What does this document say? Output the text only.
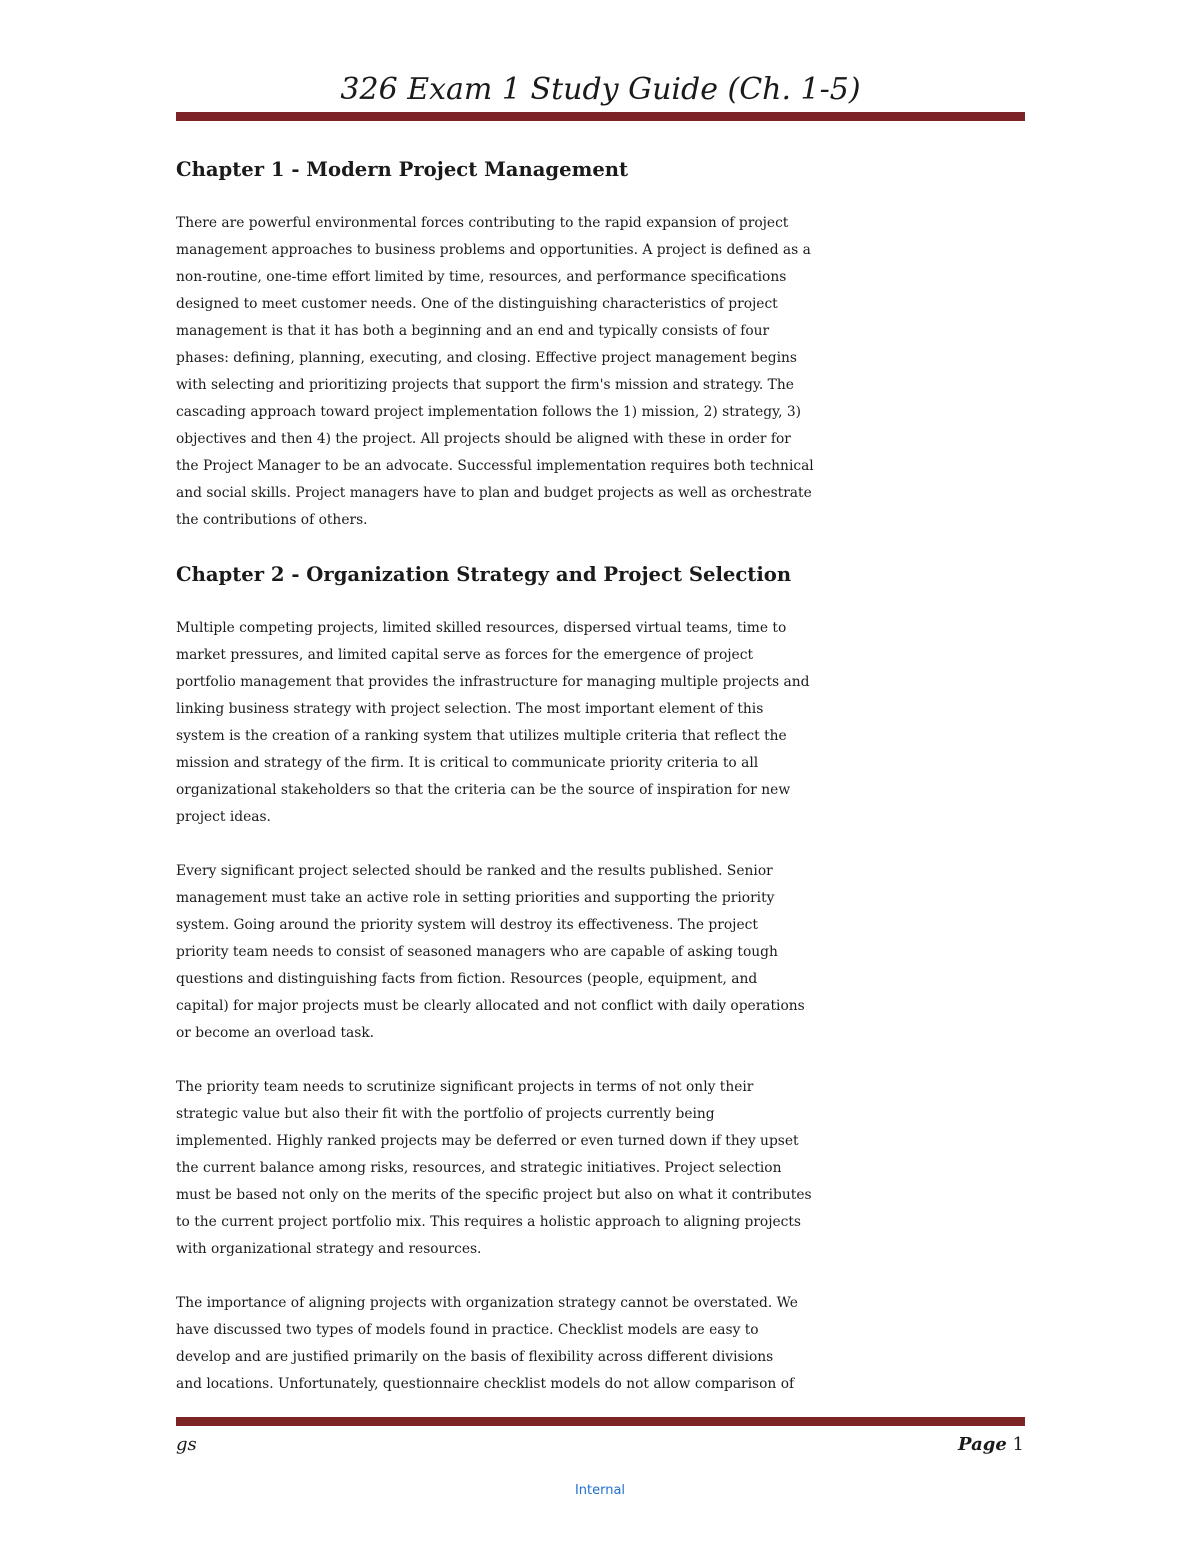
326 Exam 1 Study Guide (Ch. 1-5)
Chapter 1 - Modern Project Management

There are powerful environmental forces contributing to the rapid expansion of project
management approaches to business problems and opportunities. A project is defined as a
non-routine, one-time effort limited by time, resources, and performance specifications
designed to meet customer needs. One of the distinguishing characteristics of project
management is that it has both a beginning and an end and typically consists of four
phases: defining, planning, executing, and closing. Effective project management begins
with selecting and prioritizing projects that support the firm's mission and strategy. The
cascading approach toward project implementation follows the 1) mission, 2) strategy, 3)
objectives and then 4) the project. All projects should be aligned with these in order for
the Project Manager to be an advocate. Successful implementation requires both technical
and social skills. Project managers have to plan and budget projects as well as orchestrate
the contributions of others.

Chapter 2 - Organization Strategy and Project Selection

Multiple competing projects, limited skilled resources, dispersed virtual teams, time to
market pressures, and limited capital serve as forces for the emergence of project
portfolio management that provides the infrastructure for managing multiple projects and
linking business strategy with project selection. The most important element of this
system is the creation of a ranking system that utilizes multiple criteria that reflect the
mission and strategy of the firm. It is critical to communicate priority criteria to all
organizational stakeholders so that the criteria can be the source of inspiration for new
project ideas.

Every significant project selected should be ranked and the results published. Senior
management must take an active role in setting priorities and supporting the priority
system. Going around the priority system will destroy its effectiveness. The project
priority team needs to consist of seasoned managers who are capable of asking tough
questions and distinguishing facts from fiction. Resources (people, equipment, and
capital) for major projects must be clearly allocated and not conflict with daily operations
or become an overload task.

The priority team needs to scrutinize significant projects in terms of not only their
strategic value but also their fit with the portfolio of projects currently being
implemented. Highly ranked projects may be deferred or even turned down if they upset
the current balance among risks, resources, and strategic initiatives. Project selection
must be based not only on the merits of the specific project but also on what it contributes
to the current project portfolio mix. This requires a holistic approach to aligning projects
with organizational strategy and resources.

The importance of aligning projects with organization strategy cannot be overstated. We
have discussed two types of models found in practice. Checklist models are easy to
develop and are justified primarily on the basis of flexibility across different divisions
and locations. Unfortunately, questionnaire checklist models do not allow comparison of

gs	Page 1
Internal
